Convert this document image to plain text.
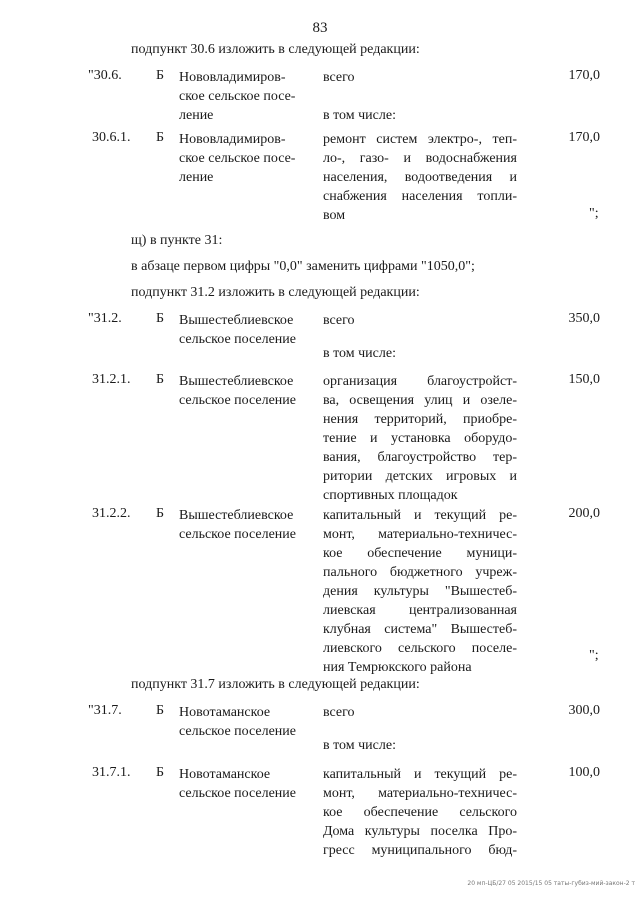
83
подпункт 30.6 изложить в следующей редакции:
"30.6. Б Нововладимиров-
ское сельское посе-
ление
всего
в том числе:
170,0
30.6.1. Б Нововладимиров-
ское сельское посе-
ление
ремонт систем электро-, теп-
ло-, газо- и водоснабжения
населения, водоотведения и
снабжения населения топли-
вом
170,0
";
щ) в пункте 31:
в абзаце первом цифры "0,0" заменить цифрами "1050,0";
подпункт 31.2 изложить в следующей редакции:
"31.2. Б Вышестеблиевское
сельское поселение
всего
в том числе:
350,0
31.2.1. Б Вышестеблиевское
сельское поселение
организация благоустройст-
ва, освещения улиц и озеле-
нения территорий, приобре-
тение и установка оборудо-
вания, благоустройство тер-
ритории детских игровых и
спортивных площадок
150,0
31.2.2. Б Вышестеблиевское
сельское поселение
капитальный и текущий ре-
монт, материально-техничес-
кое обеспечение муници-
пального бюджетного учреж-
дения культуры "Вышестеб-
лиевская централизованная
клубная система" Вышестеб-
лиевского сельского поселе-
ния Темрюкского района
200,0
";
подпункт 31.7 изложить в следующей редакции:
"31.7. Б Новотаманское
сельское поселение
всего
в том числе:
300,0
31.7.1. Б Новотаманское
сельское поселение
капитальный и текущий ре-
монт, материально-техничес-
кое обеспечение сельского
Дома культуры поселка Про-
гресс муниципального бюд-
100,0
20 мп-ЦБ/27 05 2015/15 05 таты-губиз-мий-закон-2 т
